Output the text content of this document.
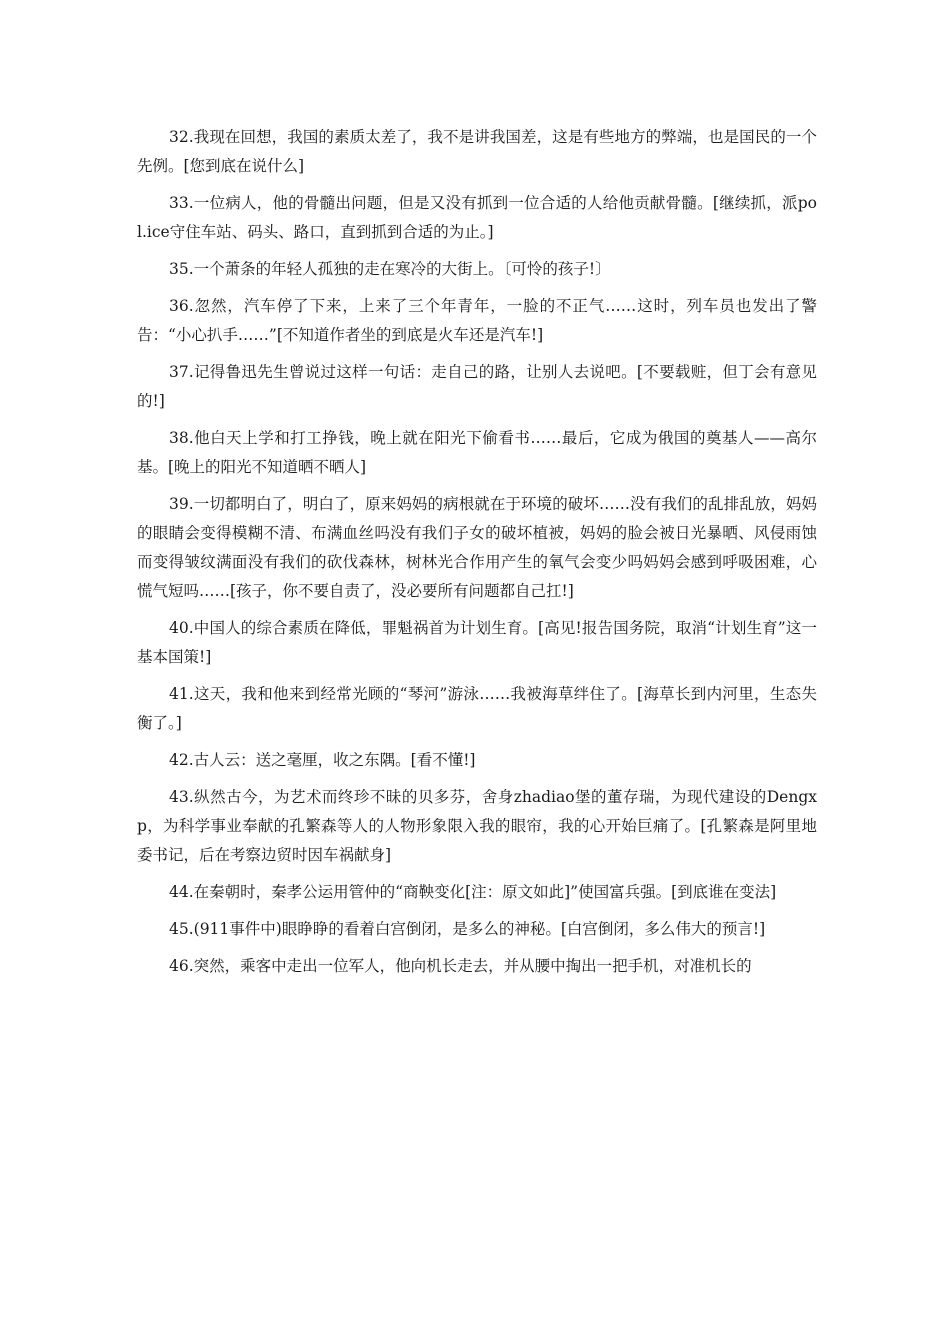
32.我现在回想，我国的素质太差了，我不是讲我国差，这是有些地方的弊端，也是国民的一个先例。[您到底在说什么]

33.一位病人，他的骨髓出问题，但是又没有抓到一位合适的人给他贡献骨髓。[继续抓，派pol.ice守住车站、码头、路口，直到抓到合适的为止。]

35.一个萧条的年轻人孤独的走在寒冷的大街上。〔可怜的孩子!〕

36.忽然，汽车停了下来，上来了三个年青年，一脸的不正气……这时，列车员也发出了警告：“小心扒手……”[不知道作者坐的到底是火车还是汽车!]

37.记得鲁迅先生曾说过这样一句话：走自己的路，让别人去说吧。[不要载赃，但丁会有意见的!]

38.他白天上学和打工挣钱，晚上就在阳光下偷看书……最后，它成为俄国的奠基人——高尔基。[晚上的阳光不知道晒不晒人]

39.一切都明白了，明白了，原来妈妈的病根就在于环境的破坏……没有我们的乱排乱放，妈妈的眼睛会变得模糊不清、布满血丝吗没有我们子女的破坏植被，妈妈的脸会被日光暴晒、风侵雨蚀而变得皱纹满面没有我们的砍伐森林，树林光合作用产生的氧气会变少吗妈妈会感到呼吸困难，心慌气短吗……[孩子，你不要自责了，没必要所有问题都自己扛!]

40.中国人的综合素质在降低，罪魁祸首为计划生育。[高见!报告国务院，取消“计划生育”这一基本国策!]

41.这天，我和他来到经常光顾的“琴河”游泳……我被海草绊住了。[海草长到内河里，生态失衡了。]

42.古人云：送之毫厘，收之东隅。[看不懂!]

43.纵然古今，为艺术而终珍不昧的贝多芬，舍身zhadiao堡的董存瑞，为现代建设的Dengxp，为科学事业奉献的孔繁森等人的人物形象限入我的眼帘，我的心开始巨痛了。[孔繁森是阿里地委书记，后在考察边贸时因车祸献身]

44.在秦朝时，秦孝公运用管仲的“商鞅变化[注：原文如此]”使国富兵强。[到底谁在变法]

45.(911事件中)眼睁睁的看着白宫倒闭，是多么的神秘。[白宫倒闭，多么伟大的预言!]

46.突然，乘客中走出一位军人，他向机长走去，并从腰中掏出一把手机，对准机长的
